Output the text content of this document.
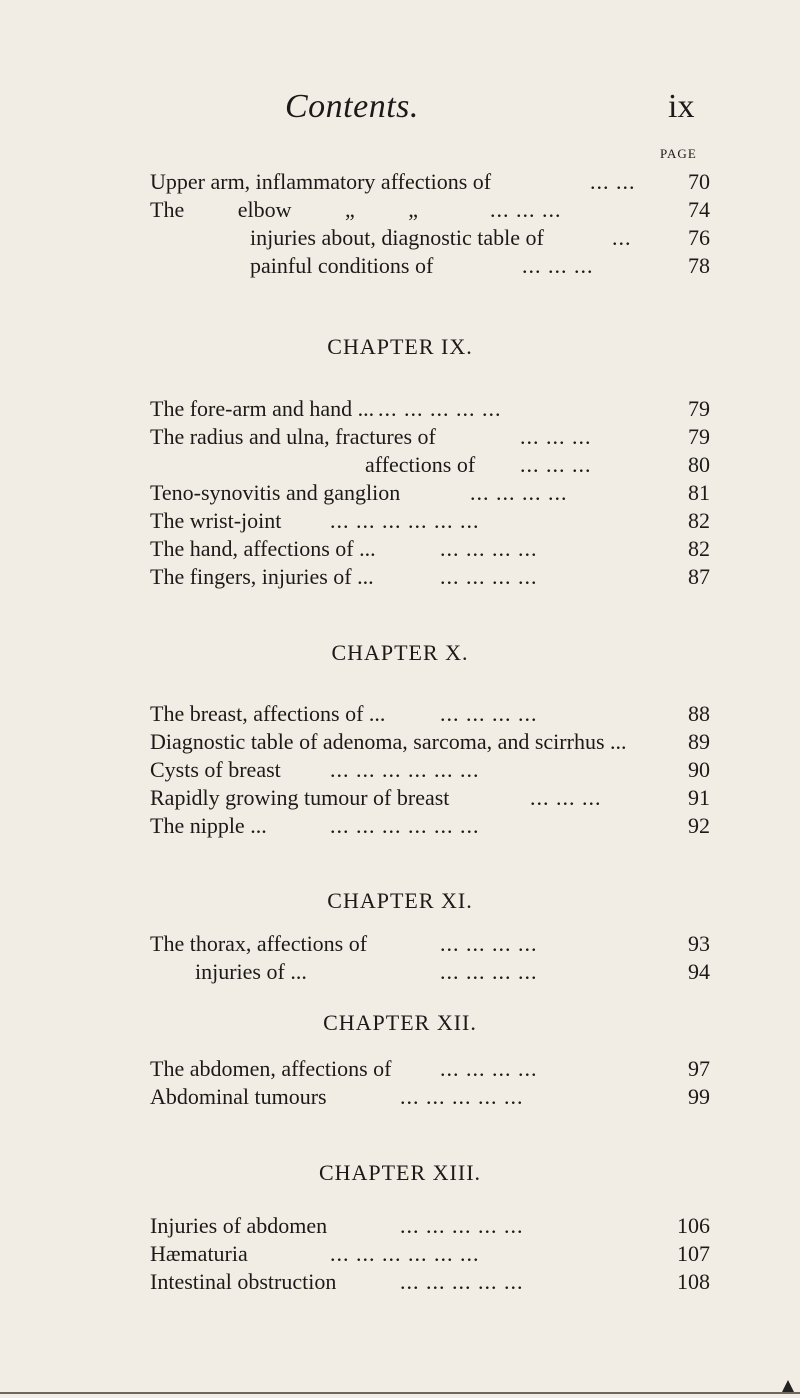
Contents.	ix
PAGE
Upper arm, inflammatory affections of	... ...	70
The elbow „ „	... ... ...	74
injuries about, diagnostic table of	...	76
painful conditions of	... ... ...	78
CHAPTER IX.
The fore-arm and hand ... ... ... ... ... ...	79
The radius and ulna, fractures of	... ... ...	79
affections of ... ... ...	80
Teno-synovitis and ganglion	... ... ... ...	81
The wrist-joint ... ... ... ... ... ...	82
The hand, affections of ...	... ... ... ...	82
The fingers, injuries of ...	... ... ... ...	87
CHAPTER X.
The breast, affections of ... ... ... ... ...	88
Diagnostic table of adenoma, sarcoma, and scirrhus ...	89
Cysts of breast ... ... ... ... ... ...	90
Rapidly growing tumour of breast	... ... ...	91
The nipple ...	... ... ... ... ... ...	92
CHAPTER XI.
The thorax, affections of	... ... ... ...	93
injuries of ...	... ... ... ...	94
CHAPTER XII.
The abdomen, affections of ... ... ... ...	97
Abdominal tumours	... ... ... ... ...	99
CHAPTER XIII.
Injuries of abdomen	... ... ... ... ...	106
Hæmaturia	... ... ... ... ... ...	107
Intestinal obstruction	... ... ... ... ...	108
